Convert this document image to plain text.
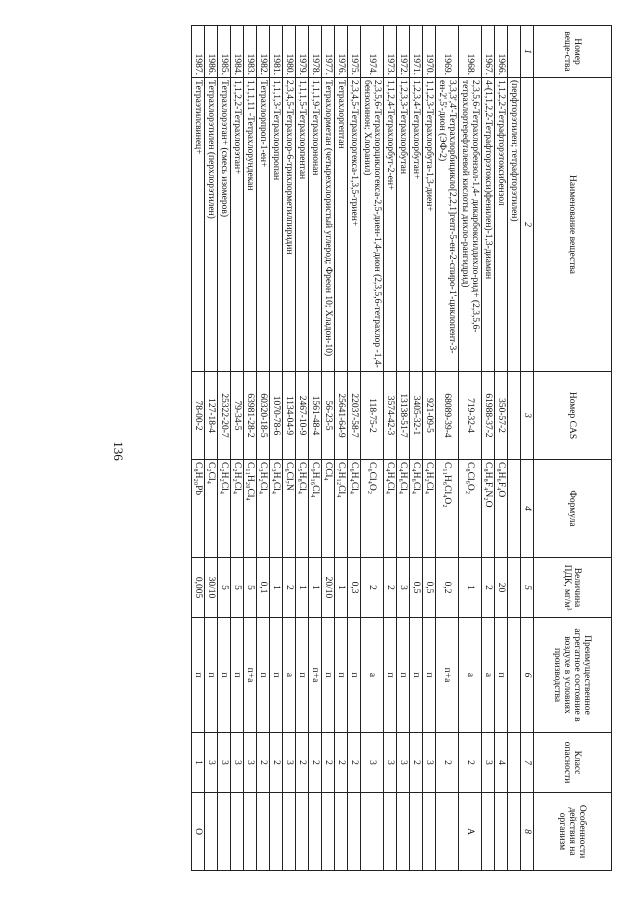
136
Номер веще-ства	Наименование вещества	Номер CAS	Формула	Величина ПДК, мг/м³	Преимущественное агрегатное состояние в воздухе в условиях производства	Класс опасности	Особенности действия на организм
1	2	3	4	5	6	7	8
	(перфторэтилен; тетрафторэтилен)						
1966.	1,1,2,2-Тетрафторэтоксибензол	350-57-2	C₈H₆F₄O	20	п	4	
1967.	4-(1,1,2,2-Тетрафторэтокси)фенилен)-1,3-диамин	61988-37-2	C₈H₈F₄N₂O	2	а	3	
1968.	2,3,5,6-Тетрахлорбензол-1,4- дикарбоксилдихло-рид+ (2,3,5,6-тетрахлортерефталевой кислоты дихло-рангидрид)	719-32-4	C₈Cl₆O₂	1	а	2	А
1969.	3,3,3',4'-Тетрахлорбицикло[2,2,1]гепт-5-ен-2-спиро-1'-циклопент-3-ен-2',5'-дион (ЭФ-2)	68089-39-4	C₁₁H₆Cl₄O₂	0,2	п+а	2	
1970.	1,1,2,3-Тетрахлорбута-1,3-диен+	921-09-5	C₄H₂Cl₄	0,5	п	3	
1971.	1,2,3,4-Тетрахлорбутан+	3405-32-1	C₄H₆Cl₄	0,5	п	2	
1972.	1,2,3,3-Тетрахлорбутан	13138-51-7	C₄H₆Cl₄	3	п	3	
1973.	1,1,2,4-Тетрахлорбут-2-ен+	3574-42-3	C₄H₄Cl₄	2	п	3	
1974.	2,3,5,6-Тетрахлорциклогекса-2,5-диен-1,4-дион (2,3,5,6-тетрахлор -1,4-бензохинон; Хлоранил)	118-75-2	C₆Cl₄O₂	2	а	3	
1975.	2,3,4,5-Тетрахлоргекса-1,3,5-триен+	22037-58-7	C₆H₄Cl₄	0,3	п	2	
1976.	Тетрахлоргептан	25641-64-9	C₇H₁₂Cl₄	1	п	2	
1977.	Тетрахлорметан (четыреххлористый углерод; Фреон 10; Хладон-10)	56-23-5	CCl₄	20/10	п	2	
1978.	1,1,1,9-Тетрахлорнонан	1561-48-4	C₉H₁₆Cl₄	1	п+а	2	
1979.	1,1,1,5-Тетрахлорпентан	2467-10-9	C₅H₈Cl₄	1	п	2	
1980.	2,3,4,5-Тетрахлор-6-трихлорметилпиридин	1134-04-9	C₆Cl₇N	2	а	3	
1981.	1,1,1,3-Тетрахлорпропан	1070-78-6	C₃H₄Cl₄	1	п	2	
1982.	Тетрахлорпроп-1-ен+	60320-18-5	C₃H₂Cl₄	0,1	п	2	
1983.	1,1,1,11 -Тетрахлорундекан	63981-28-2	C₁₁H₂₀Cl₄	5	п+а	3	
1984.	1,1,2,2-Тетрахлорэтан+	79-34-5	C₂H₂Cl₄	5	п	3	
1985.	Тетрахлорэтан+ (смесь изомеров)	25322-20-7	C₂H₂Cl₄	5	п	3	
1986.	Тетрахлорэтилен (перхлорэтилен)	127-18-4	C₂Cl₄	30/10	п	3	
1987.	Тетраэтилсвинец+	78-00-2	C₈H₂₀Pb	0,005	п	1	О
